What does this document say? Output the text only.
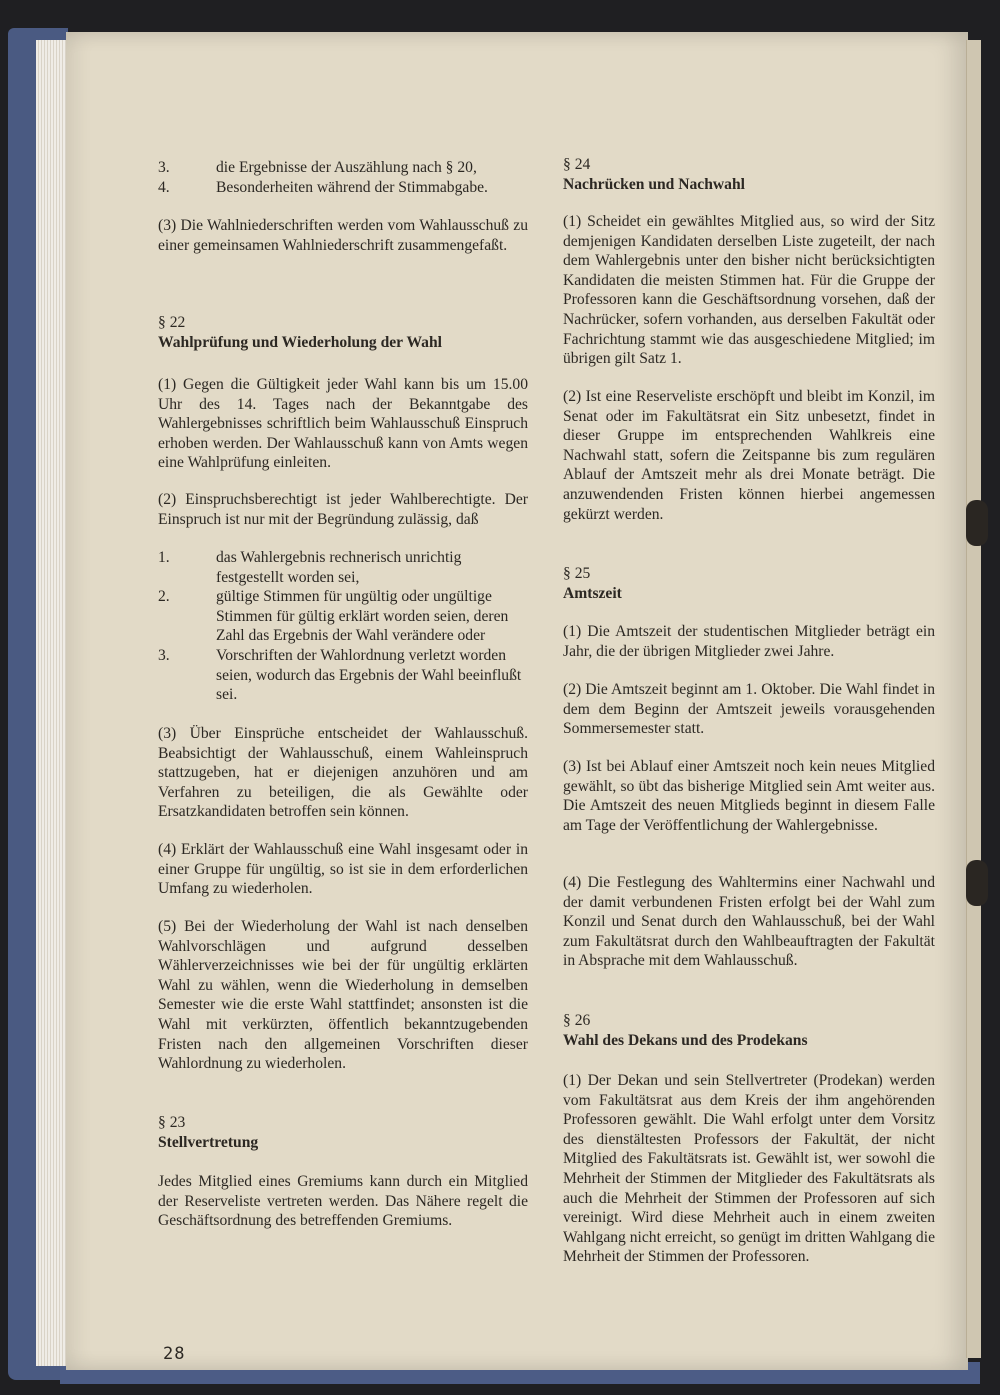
3.	die Ergebnisse der Auszählung nach § 20,
4.	Besonderheiten während der Stimmabgabe.

(3) Die Wahlniederschriften werden vom Wahlausschuß zu einer gemeinsamen Wahlniederschrift zusammengefaßt.

§ 22

Wahlprüfung und Wiederholung der Wahl

(1) Gegen die Gültigkeit jeder Wahl kann bis um 15.00 Uhr des 14. Tages nach der Bekanntgabe des Wahlergebnisses schriftlich beim Wahlausschuß Einspruch erhoben werden. Der Wahlausschuß kann von Amts wegen eine Wahlprüfung einleiten.

(2) Einspruchsberechtigt ist jeder Wahlberechtigte. Der Einspruch ist nur mit der Begründung zulässig, daß

1.	das Wahlergebnis rechnerisch unrichtig festgestellt worden sei,
2.	gültige Stimmen für ungültig oder ungültige Stimmen für gültig erklärt worden seien, deren Zahl das Ergebnis der Wahl verändere oder
3.	Vorschriften der Wahlordnung verletzt worden seien, wodurch das Ergebnis der Wahl beeinflußt sei.

(3) Über Einsprüche entscheidet der Wahlausschuß. Beabsichtigt der Wahlausschuß, einem Wahleinspruch stattzugeben, hat er diejenigen anzuhören und am Verfahren zu beteiligen, die als Gewählte oder Ersatzkandidaten betroffen sein können.

(4) Erklärt der Wahlausschuß eine Wahl insgesamt oder in einer Gruppe für ungültig, so ist sie in dem erforderlichen Umfang zu wiederholen.

(5) Bei der Wiederholung der Wahl ist nach denselben Wahlvorschlägen und aufgrund desselben Wählerverzeichnisses wie bei der für ungültig erklärten Wahl zu wählen, wenn die Wiederholung in demselben Semester wie die erste Wahl stattfindet; ansonsten ist die Wahl mit verkürzten, öffentlich bekanntzugebenden Fristen nach den allgemeinen Vorschriften dieser Wahlordnung zu wiederholen.

§ 23

Stellvertretung

Jedes Mitglied eines Gremiums kann durch ein Mitglied der Reserveliste vertreten werden. Das Nähere regelt die Geschäftsordnung des betreffenden Gremiums.

§ 24

Nachrücken und Nachwahl

(1) Scheidet ein gewähltes Mitglied aus, so wird der Sitz demjenigen Kandidaten derselben Liste zugeteilt, der nach dem Wahlergebnis unter den bisher nicht berücksichtigten Kandidaten die meisten Stimmen hat. Für die Gruppe der Professoren kann die Geschäftsordnung vorsehen, daß der Nachrücker, sofern vorhanden, aus derselben Fakultät oder Fachrichtung stammt wie das ausgeschiedene Mitglied; im übrigen gilt Satz 1.

(2) Ist eine Reserveliste erschöpft und bleibt im Konzil, im Senat oder im Fakultätsrat ein Sitz unbesetzt, findet in dieser Gruppe im entsprechenden Wahlkreis eine Nachwahl statt, sofern die Zeitspanne bis zum regulären Ablauf der Amtszeit mehr als drei Monate beträgt. Die anzuwendenden Fristen können hierbei angemessen gekürzt werden.

§ 25

Amtszeit

(1) Die Amtszeit der studentischen Mitglieder beträgt ein Jahr, die der übrigen Mitglieder zwei Jahre.

(2) Die Amtszeit beginnt am 1. Oktober. Die Wahl findet in dem dem Beginn der Amtszeit jeweils vorausgehenden Sommersemester statt.

(3) Ist bei Ablauf einer Amtszeit noch kein neues Mitglied gewählt, so übt das bisherige Mitglied sein Amt weiter aus. Die Amtszeit des neuen Mitglieds beginnt in diesem Falle am Tage der Veröffentlichung der Wahlergebnisse.

(4) Die Festlegung des Wahltermins einer Nachwahl und der damit verbundenen Fristen erfolgt bei der Wahl zum Konzil und Senat durch den Wahlausschuß, bei der Wahl zum Fakultätsrat durch den Wahlbeauftragten der Fakultät in Absprache mit dem Wahlausschuß.

§ 26

Wahl des Dekans und des Prodekans

(1) Der Dekan und sein Stellvertreter (Prodekan) werden vom Fakultätsrat aus dem Kreis der ihm angehörenden Professoren gewählt. Die Wahl erfolgt unter dem Vorsitz des dienstältesten Professors der Fakultät, der nicht Mitglied des Fakultätsrats ist. Gewählt ist, wer sowohl die Mehrheit der Stimmen der Mitglieder des Fakultätsrats als auch die Mehrheit der Stimmen der Professoren auf sich vereinigt. Wird diese Mehrheit auch in einem zweiten Wahlgang nicht erreicht, so genügt im dritten Wahlgang die Mehrheit der Stimmen der Professoren.

28
